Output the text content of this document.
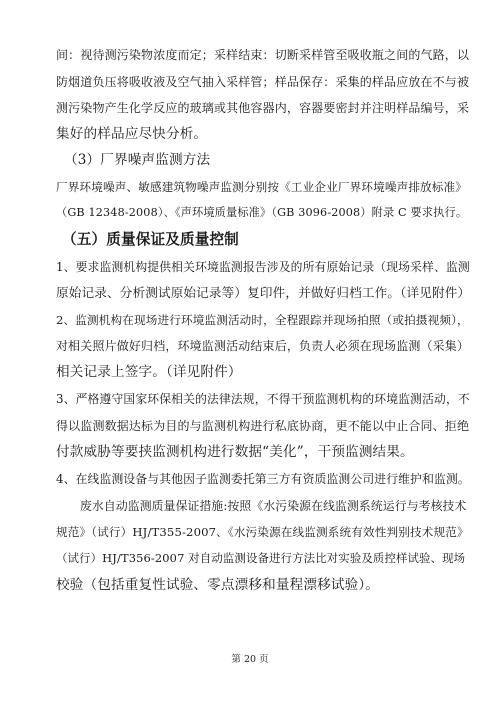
间：视待测污染物浓度而定；采样结束：切断采样管至吸收瓶之间的气路，以
防烟道负压将吸收液及空气抽入采样管；样品保存：采集的样品应放在不与被
测污染物产生化学反应的玻璃或其他容器内，容器要密封并注明样品编号，采
集好的样品应尽快分析。
（3）厂界噪声监测方法
厂界环境噪声、敏感建筑物噪声监测分别按《工业企业厂界环境噪声排放标准》
（GB 12348-2008）、《声环境质量标准》（GB 3096-2008）附录 C 要求执行。
（五）质量保证及质量控制
1、要求监测机构提供相关环境监测报告涉及的所有原始记录（现场采样、监测
原始记录、分析测试原始记录等）复印件，并做好归档工作。（详见附件）
2、监测机构在现场进行环境监测活动时，全程跟踪并现场拍照（或拍摄视频），
对相关照片做好归档，环境监测活动结束后，负责人必须在现场监测（采集）
相关记录上签字。（详见附件）
3、严格遵守国家环保相关的法律法规，不得干预监测机构的环境监测活动，不
得以监测数据达标为目的与监测机构进行私底协商，更不能以中止合同、拒绝
付款威胁等要挟监测机构进行数据“美化”，干预监测结果。
4、在线监测设备与其他因子监测委托第三方有资质监测公司进行维护和监测。
废水自动监测质量保证措施:按照《水污染源在线监测系统运行与考核技术
规范》（试行）HJ/T355-2007、《水污染源在线监测系统有效性判别技术规范》
（试行）HJ/T356-2007 对自动监测设备进行方法比对实验及质控样试验、现场
校验（包括重复性试验、零点漂移和量程漂移试验）。
第 20 页
